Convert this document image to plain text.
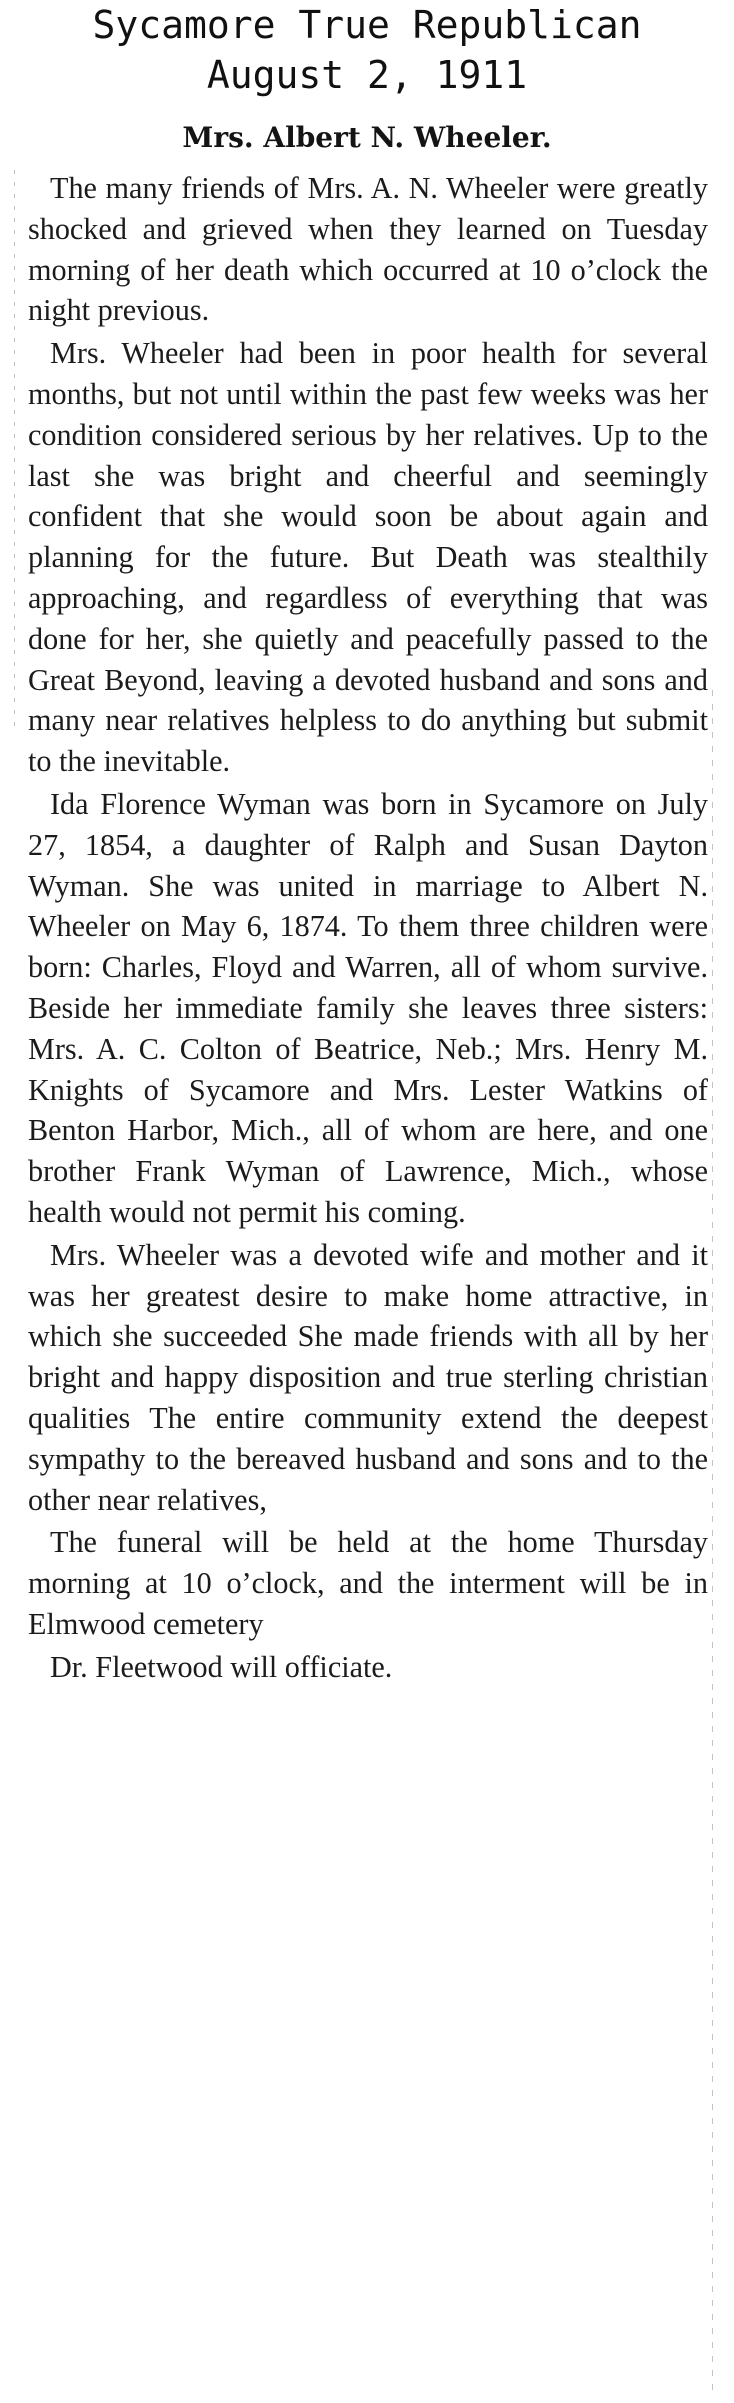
Sycamore True Republican
August 2, 1911
Mrs. Albert N. Wheeler.

The many friends of Mrs. A. N. Wheeler were greatly shocked and grieved when they learned on Tuesday morning of her death which occurred at 10 o’clock the night previous.

Mrs. Wheeler had been in poor health for several months, but not until within the past few weeks was her condition considered serious by her relatives. Up to the last she was bright and cheerful and seemingly confident that she would soon be about again and planning for the future. But Death was stealthily approaching, and regardless of everything that was done for her, she quietly and peacefully passed to the Great Beyond, leaving a devoted husband and sons and many near relatives helpless to do anything but submit to the inevitable.

Ida Florence Wyman was born in Sycamore on July 27, 1854, a daughter of Ralph and Susan Dayton Wyman. She was united in marriage to Albert N. Wheeler on May 6, 1874. To them three children were born: Charles, Floyd and Warren, all of whom survive. Beside her immediate family she leaves three sisters: Mrs. A. C. Colton of Beatrice, Neb.; Mrs. Henry M. Knights of Sycamore and Mrs. Lester Watkins of Benton Harbor, Mich., all of whom are here, and one brother Frank Wyman of Lawrence, Mich., whose health would not permit his coming.

Mrs. Wheeler was a devoted wife and mother and it was her greatest desire to make home attractive, in which she succeeded She made friends with all by her bright and happy disposition and true sterling christian qualities The entire community extend the deepest sympathy to the bereaved husband and sons and to the other near relatives,

The funeral will be held at the home Thursday morning at 10 o’clock, and the interment will be in Elmwood cemetery

Dr. Fleetwood will officiate.
